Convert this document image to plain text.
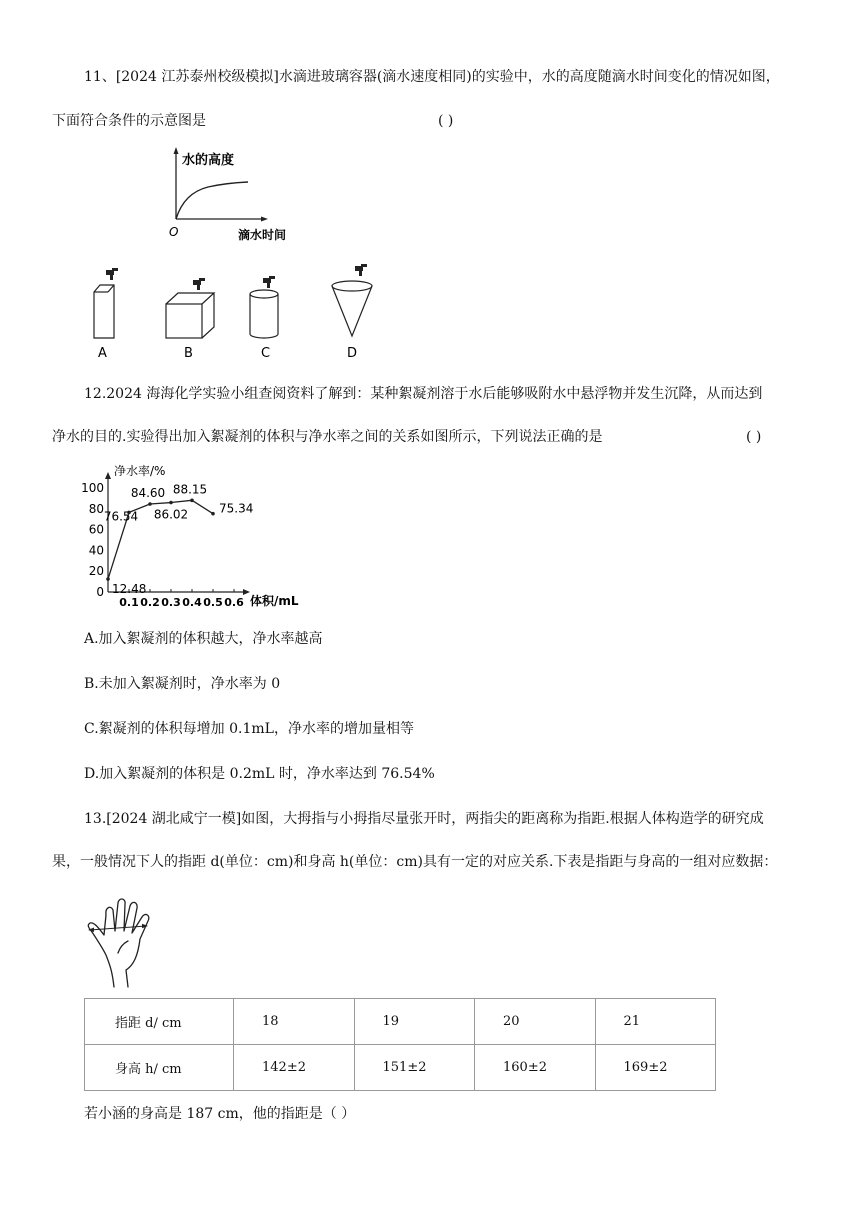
11、[2024 江苏泰州校级模拟]水滴进玻璃容器(滴水速度相同)的实验中，水的高度随滴水时间变化的情况如图，
下面符合条件的示意图是	( )
水的高度
O	滴水时间
A	B	C	D
12.2024 海海化学实验小组查阅资料了解到：某种絮凝剂溶于水后能够吸附水中悬浮物并发生沉降，从而达到
净水的目的.实验得出加入絮凝剂的体积与净水率之间的关系如图所示，下列说法正确的是	( )
0
20
40
60
80
100
0.1 0.2 0.3 0.4 0.5 0.6
12.48
76.54
84.60
86.02
88.15
75.34
净水率/%
体积/mL
A.加入絮凝剂的体积越大，净水率越高
B.未加入絮凝剂时，净水率为 0
C.絮凝剂的体积每增加 0.1mL，净水率的增加量相等
D.加入絮凝剂的体积是 0.2mL 时，净水率达到 76.54%
13.[2024 湖北咸宁一模]如图，大拇指与小拇指尽量张开时，两指尖的距离称为指距.根据人体构造学的研究成
果，一般情况下人的指距 d(单位：cm)和身高 h(单位：cm)具有一定的对应关系.下表是指距与身高的一组对应数据：
指距 d/ cm	18	19	20	21
身高 h/ cm	142±2	151±2	160±2	169±2
若小涵的身高是 187 cm，他的指距是（ ）
